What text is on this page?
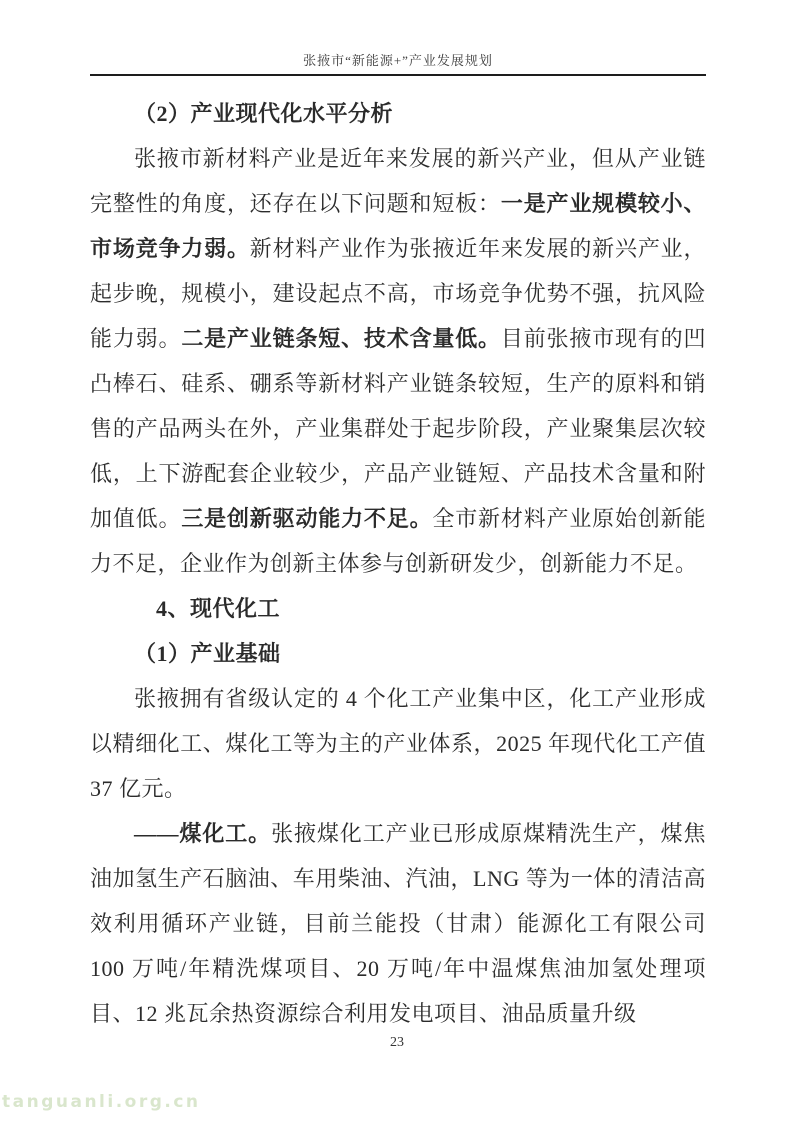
张掖市“新能源+”产业发展规划
（2）产业现代化水平分析

张掖市新材料产业是近年来发展的新兴产业，但从产业链完整性的角度，还存在以下问题和短板：一是产业规模较小、市场竞争力弱。新材料产业作为张掖近年来发展的新兴产业，起步晚，规模小，建设起点不高，市场竞争优势不强，抗风险能力弱。二是产业链条短、技术含量低。目前张掖市现有的凹凸棒石、硅系、硼系等新材料产业链条较短，生产的原料和销售的产品两头在外，产业集群处于起步阶段，产业聚集层次较低，上下游配套企业较少，产品产业链短、产品技术含量和附加值低。三是创新驱动能力不足。全市新材料产业原始创新能力不足，企业作为创新主体参与创新研发少，创新能力不足。

4、现代化工
（1）产业基础

张掖拥有省级认定的 4 个化工产业集中区，化工产业形成以精细化工、煤化工等为主的产业体系，2025 年现代化工产值 37 亿元。

——煤化工。张掖煤化工产业已形成原煤精洗生产，煤焦油加氢生产石脑油、车用柴油、汽油，LNG 等为一体的清洁高效利用循环产业链，目前兰能投（甘肃）能源化工有限公司 100 万吨/年精洗煤项目、20 万吨/年中温煤焦油加氢处理项目、12 兆瓦余热资源综合利用发电项目、油品质量升级

23
tanguanli.org.cn
